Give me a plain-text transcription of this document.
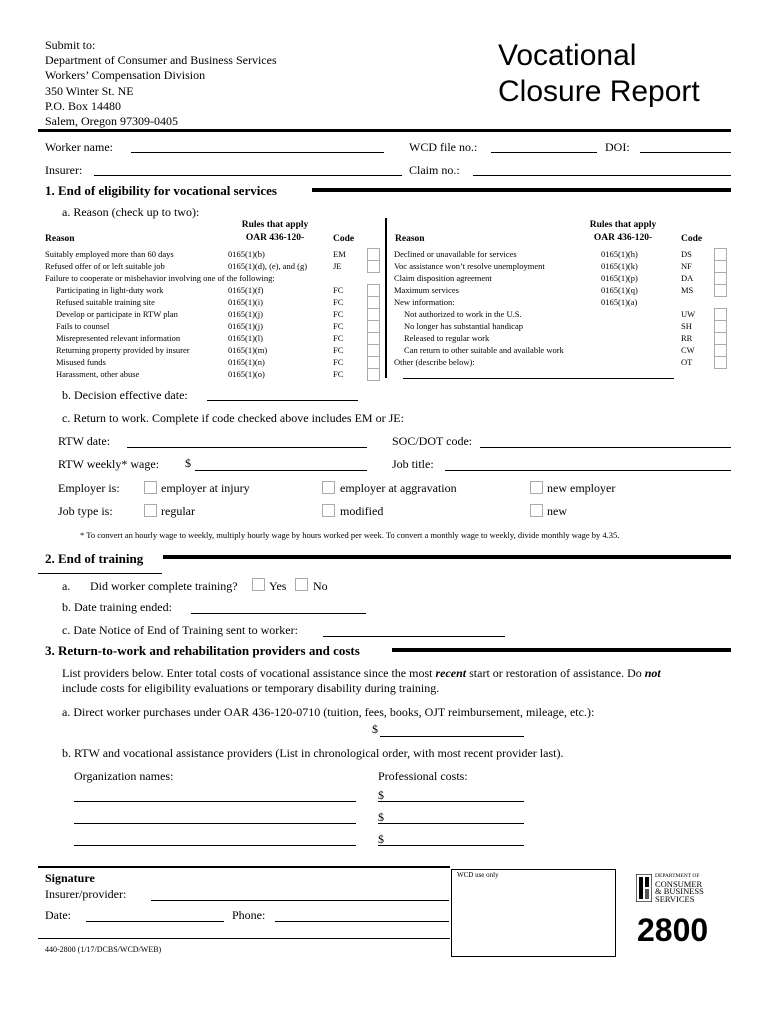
Submit to:
Department of Consumer and Business Services
Workers’ Compensation Division
350 Winter St. NE
P.O. Box 14480
Salem, Oregon 97309-0405
Vocational
Closure Report
Worker name:	WCD file no.:	DOI:
Insurer:	Claim no.:
1. End of eligibility for vocational services
a. Reason (check up to two):
Rules that apply
OAR 436-120-
Reason	Code
Rules that apply
OAR 436-120-
Reason	Code
Suitably employed more than 60 days	0165(1)(b)	EM
Refused offer of or left suitable job	0165(1)(d), (e), and (g)	JE
Failure to cooperate or misbehavior involving one of the following:
Participating in light-duty work	0165(1)(f)	FC
Refused suitable training site	0165(1)(i)	FC
Develop or participate in RTW plan	0165(1)(j)	FC
Fails to counsel	0165(1)(j)	FC
Misrepresented relevant information	0165(1)(l)	FC
Returning property provided by insurer	0165(1)(m)	FC
Misused funds	0165(1)(n)	FC
Harassment, other abuse	0165(1)(o)	FC
Declined or unavailable for services	0165(1)(h)	DS
Voc assistance won’t resolve unemployment	0165(1)(k)	NF
Claim disposition agreement	0165(1)(p)	DA
Maximum services	0165(1)(q)	MS
New information:	0165(1)(a)
Not authorized to work in the U.S.	UW
No longer has substantial handicap	SH
Released to regular work	RR
Can return to other suitable and available work	CW
Other (describe below):	OT
b. Decision effective date:
c. Return to work. Complete if code checked above includes EM or JE:
RTW date:	SOC/DOT code:
RTW weekly* wage: $	Job title:
Employer is:	employer at injury	employer at aggravation	new employer
Job type is:	regular	modified	new
* To convert an hourly wage to weekly, multiply hourly wage by hours worked per week. To convert a monthly wage to weekly, divide monthly wage by 4.35.
2. End of training
a. Did worker complete training?	Yes No
b. Date training ended:
c. Date Notice of End of Training sent to worker:
3. Return-to-work and rehabilitation providers and costs
List providers below. Enter total costs of vocational assistance since the most recent start or restoration of assistance. Do not
include costs for eligibility evaluations or temporary disability during training.
a. Direct worker purchases under OAR 436-120-0710 (tuition, fees, books, OJT reimbursement, mileage, etc.):
$
b. RTW and vocational assistance providers (List in chronological order, with most recent provider last).
Organization names:	Professional costs:
$
$
$
Signature
Insurer/provider:
Date:	Phone:
WCD use only
440-2800 (1/17/DCBS/WCD/WEB)
DEPARTMENT OF
CONSUMER
& BUSINESS
SERVICES
2800
